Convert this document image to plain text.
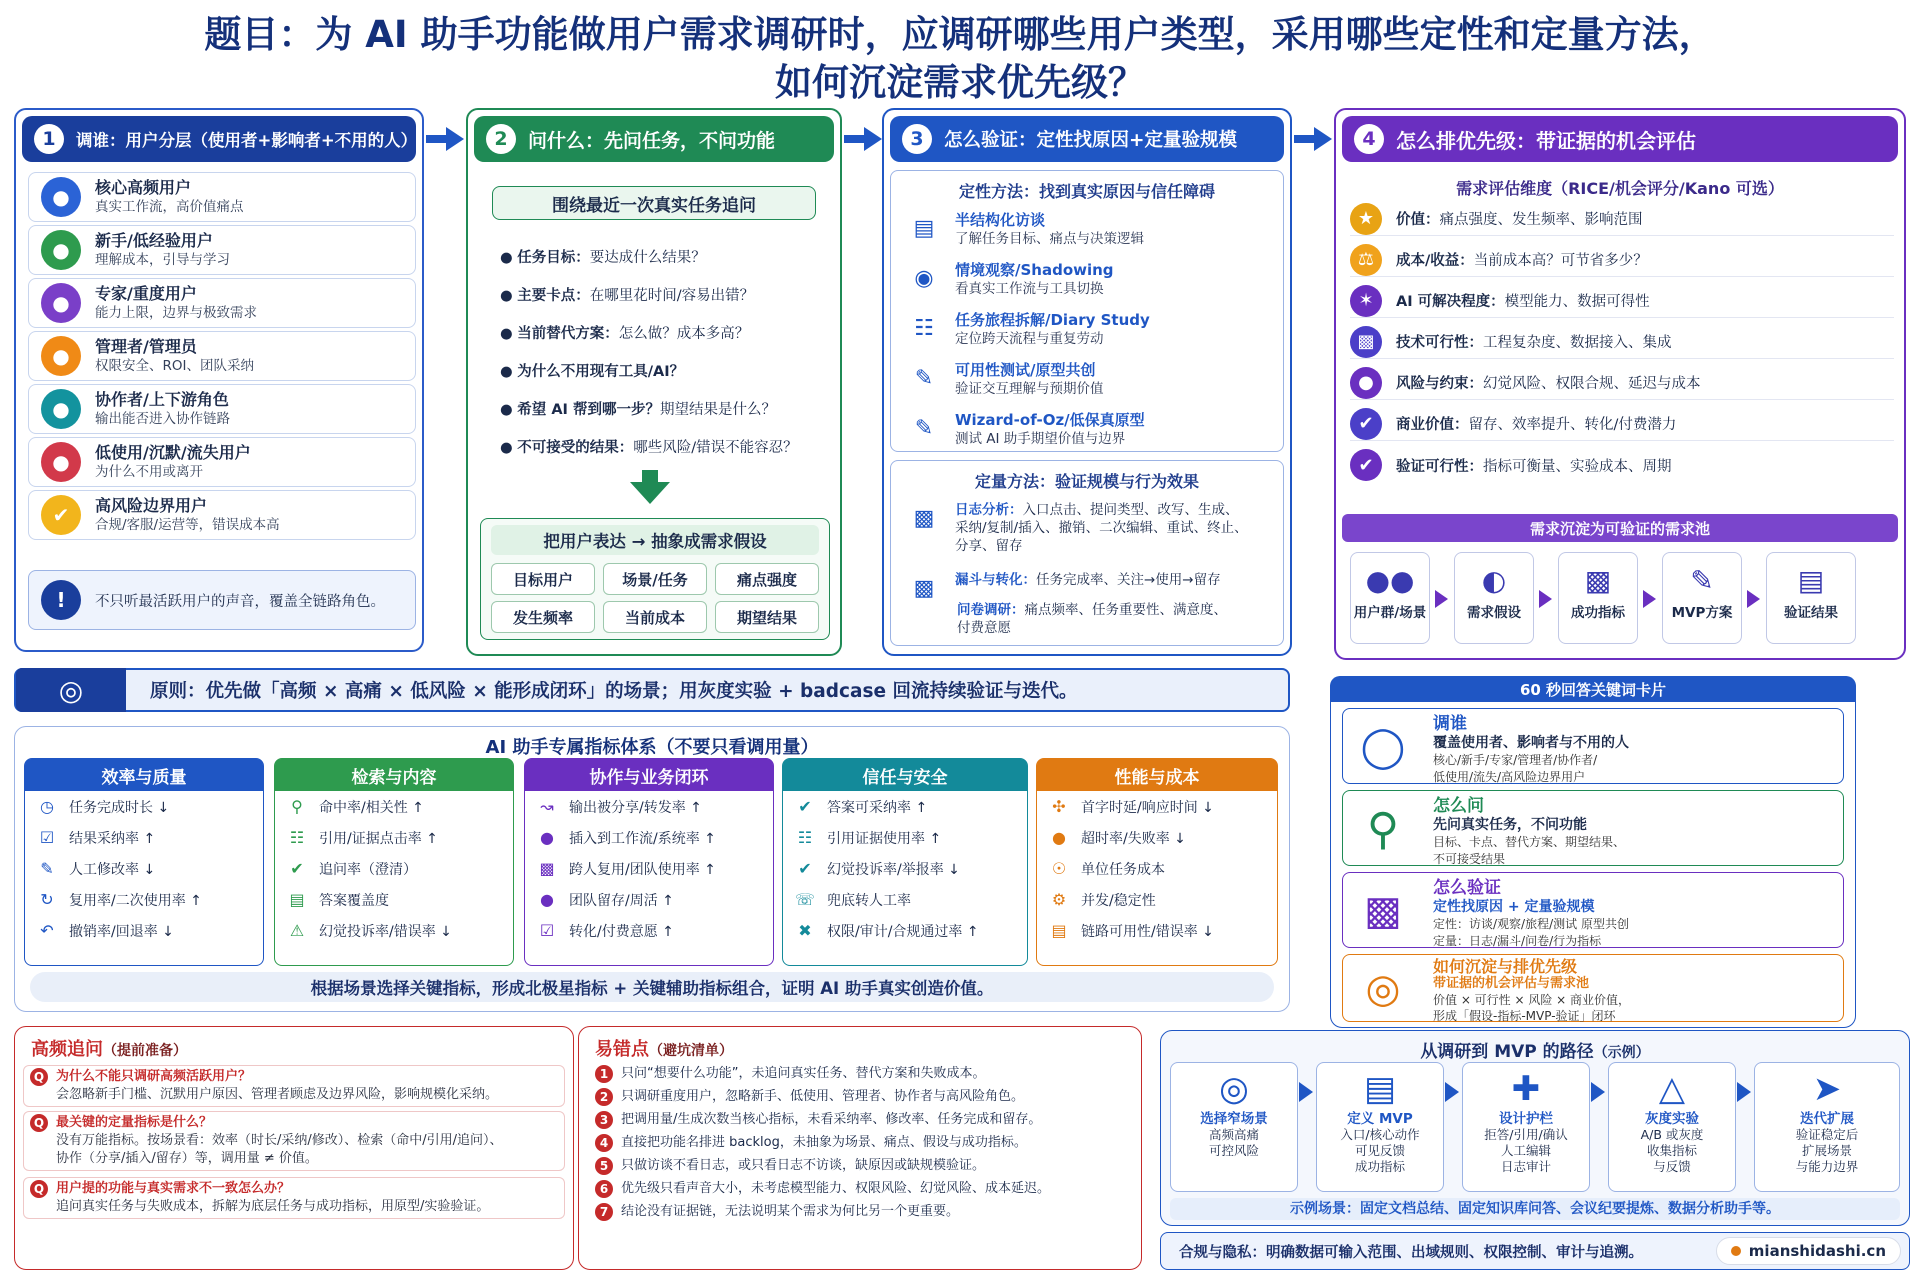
题目：为 AI 助手功能做用户需求调研时，应调研哪些用户类型，采用哪些定性和定量方法，
如何沉淀需求优先级？
1	调谁：用户分层（使用者+影响者+不用的人）
●	核心高频用户
真实工作流，高价值痛点
●	新手/低经验用户
理解成本，引导与学习
●	专家/重度用户
能力上限，边界与极致需求
●	管理者/管理员
权限安全、ROI、团队采纳
●	协作者/上下游角色
输出能否进入协作链路
●	低使用/沉默/流失用户
为什么不用或离开
✔	高风险边界用户
合规/客服/运营等，错误成本高
!	不只听最活跃用户的声音，覆盖全链路角色。
2	问什么：先问任务，不问功能
围绕最近一次真实任务追问
● 任务目标：要达成什么结果？
● 主要卡点：在哪里花时间/容易出错？
● 当前替代方案：怎么做？成本多高？
● 为什么不用现有工具/AI？
● 希望 AI 帮到哪一步？期望结果是什么？
● 不可接受的结果：哪些风险/错误不能容忍？
把用户表达 → 抽象成需求假设
目标用户	场景/任务	痛点强度
发生频率	当前成本	期望结果
3	怎么验证：定性找原因+定量验规模
定性方法：找到真实原因与信任障碍
▤	半结构化访谈
了解任务目标、痛点与决策逻辑
◉	情境观察/Shadowing
看真实工作流与工具切换
☷	任务旅程拆解/Diary Study
定位跨天流程与重复劳动
✎	可用性测试/原型共创
验证交互理解与预期价值
✎	Wizard-of-Oz/低保真原型
测试 AI 助手期望价值与边界
定量方法：验证规模与行为效果
▩	日志分析：入口点击、提问类型、改写、生成、
采纳/复制/插入、撤销、二次编辑、重试、终止、
分享、留存
▩	漏斗与转化：任务完成率、关注→使用→留存
问卷调研：痛点频率、任务重要性、满意度、
付费意愿
4	怎么排优先级：带证据的机会评估
需求评估维度（RICE/机会评分/Kano 可选）
★	价值：痛点强度、发生频率、影响范围
⚖	成本/收益：当前成本高？可节省多少？
✶	AI 可解决程度：模型能力、数据可得性
▩	技术可行性：工程复杂度、数据接入、集成
●	风险与约束：幻觉风险、权限合规、延迟与成本
✔	商业价值：留存、效率提升、转化/付费潜力
✔	验证可行性：指标可衡量、实验成本、周期
需求沉淀为可验证的需求池
●●
用户群/场景
◐
需求假设
▩
成功指标
✎
MVP方案
▤
验证结果
◎	原则：优先做「高频 × 高痛 × 低风险 × 能形成闭环」的场景；用灰度实验 + badcase 回流持续验证与迭代。
AI 助手专属指标体系（不要只看调用量）
效率与质量
◷ 任务完成时长 ↓
☑ 结果采纳率 ↑
✎ 人工修改率 ↓
↻ 复用率/二次使用率 ↑
↶ 撤销率/回退率 ↓
检索与内容
⚲ 命中率/相关性 ↑
☷ 引用/证据点击率 ↑
✔ 追问率（澄清）
▤ 答案覆盖度
⚠ 幻觉投诉率/错误率 ↓
协作与业务闭环
↝ 输出被分享/转发率 ↑
● 插入到工作流/系统率 ↑
▩ 跨人复用/团队使用率 ↑
● 团队留存/周活 ↑
☑ 转化/付费意愿 ↑
信任与安全
✔ 答案可采纳率 ↑
☷ 引用证据使用率 ↑
✔ 幻觉投诉率/举报率 ↓
☏ 兜底转人工率
✖ 权限/审计/合规通过率 ↑
性能与成本
✣ 首字时延/响应时间 ↓
● 超时率/失败率 ↓
☉ 单位任务成本
⚙ 并发/稳定性
▤ 链路可用性/错误率 ↓
根据场景选择关键指标，形成北极星指标 + 关键辅助指标组合，证明 AI 助手真实创造价值。
60 秒回答关键词卡片
◯	调谁
覆盖使用者、影响者与不用的人
核心/新手/专家/管理者/协作者/
低使用/流失/高风险边界用户
⚲	怎么问
先问真实任务，不问功能
目标、卡点、替代方案、期望结果、
不可接受结果
▩	怎么验证
定性找原因 + 定量验规模
定性：访谈/观察/旅程/测试 原型共创
定量：日志/漏斗/问卷/行为指标
◎	如何沉淀与排优先级
带证据的机会评估与需求池
价值 × 可行性 × 风险 × 商业价值，
形成「假设-指标-MVP-验证」闭环
高频追问（提前准备）
Q 为什么不能只调研高频活跃用户？
会忽略新手门槛、沉默用户原因、管理者顾虑及边界风险，影响规模化采纳。
Q 最关键的定量指标是什么？
没有万能指标。按场景看：效率（时长/采纳/修改）、检索（命中/引用/追问）、
协作（分享/插入/留存）等，调用量 ≠ 价值。
Q 用户提的功能与真实需求不一致怎么办？
追问真实任务与失败成本，拆解为底层任务与成功指标，用原型/实验验证。
易错点（避坑清单）
1 只问“想要什么功能”，未追问真实任务、替代方案和失败成本。
2 只调研重度用户，忽略新手、低使用、管理者、协作者与高风险角色。
3 把调用量/生成次数当核心指标，未看采纳率、修改率、任务完成和留存。
4 直接把功能名排进 backlog，未抽象为场景、痛点、假设与成功指标。
5 只做访谈不看日志，或只看日志不访谈，缺原因或缺规模验证。
6 优先级只看声音大小，未考虑模型能力、权限风险、幻觉风险、成本延迟。
7 结论没有证据链，无法说明某个需求为何比另一个更重要。
从调研到 MVP 的路径（示例）
◎
选择窄场景
高频高痛
可控风险
▤
定义 MVP
入口/核心动作
可见反馈
成功指标
✚
设计护栏
拒答/引用/确认
人工编辑
日志审计
△
灰度实验
A/B 或灰度
收集指标
与反馈
➤
迭代扩展
验证稳定后
扩展场景
与能力边界
示例场景：固定文档总结、固定知识库问答、会议纪要提炼、数据分析助手等。
合规与隐私：明确数据可输入范围、出域规则、权限控制、审计与追溯。	mianshidashi.cn
